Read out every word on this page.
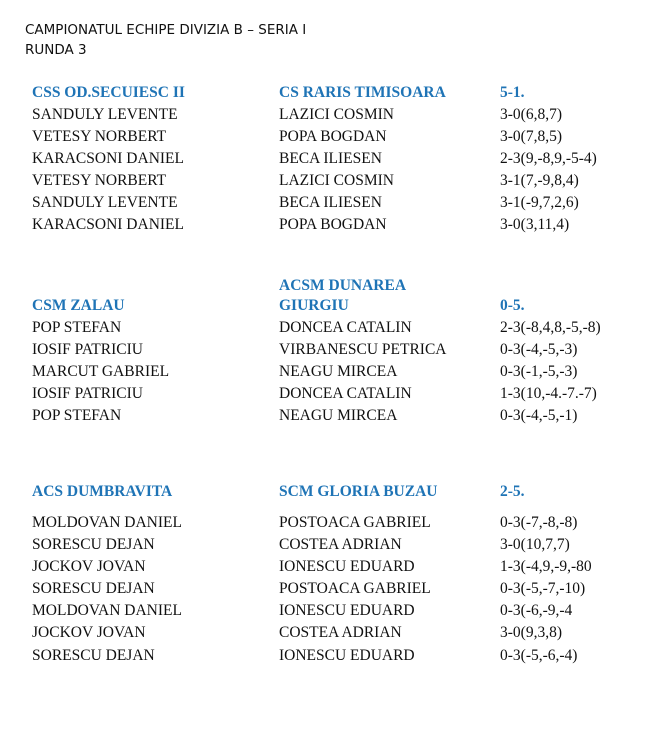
CAMPIONATUL ECHIPE DIVIZIA B – SERIA I
RUNDA 3
CSS OD.SECUIESC II	CS RARIS TIMISOARA	5-1.
SANDULY LEVENTE	LAZICI COSMIN	3-0(6,8,7)
VETESY NORBERT	POPA BOGDAN	3-0(7,8,5)
KARACSONI DANIEL	BECA ILIESEN	2-3(9,-8,9,-5-4)
VETESY NORBERT	LAZICI COSMIN	3-1(7,-9,8,4)
SANDULY LEVENTE	BECA ILIESEN	3-1(-9,7,2,6)
KARACSONI DANIEL	POPA BOGDAN	3-0(3,11,4)
ACSM DUNAREA
CSM ZALAU	GIURGIU	0-5.
POP STEFAN	DONCEA CATALIN	2-3(-8,4,8,-5,-8)
IOSIF PATRICIU	VIRBANESCU PETRICA	0-3(-4,-5,-3)
MARCUT GABRIEL	NEAGU MIRCEA	0-3(-1,-5,-3)
IOSIF PATRICIU	DONCEA CATALIN	1-3(10,-4.-7.-7)
POP STEFAN	NEAGU MIRCEA	0-3(-4,-5,-1)
ACS DUMBRAVITA	SCM GLORIA BUZAU	2-5.
MOLDOVAN DANIEL	POSTOACA GABRIEL	0-3(-7,-8,-8)
SORESCU DEJAN	COSTEA ADRIAN	3-0(10,7,7)
JOCKOV JOVAN	IONESCU EDUARD	1-3(-4,9,-9,-80
SORESCU DEJAN	POSTOACA GABRIEL	0-3(-5,-7,-10)
MOLDOVAN DANIEL	IONESCU EDUARD	0-3(-6,-9,-4
JOCKOV JOVAN	COSTEA ADRIAN	3-0(9,3,8)
SORESCU DEJAN	IONESCU EDUARD	0-3(-5,-6,-4)
